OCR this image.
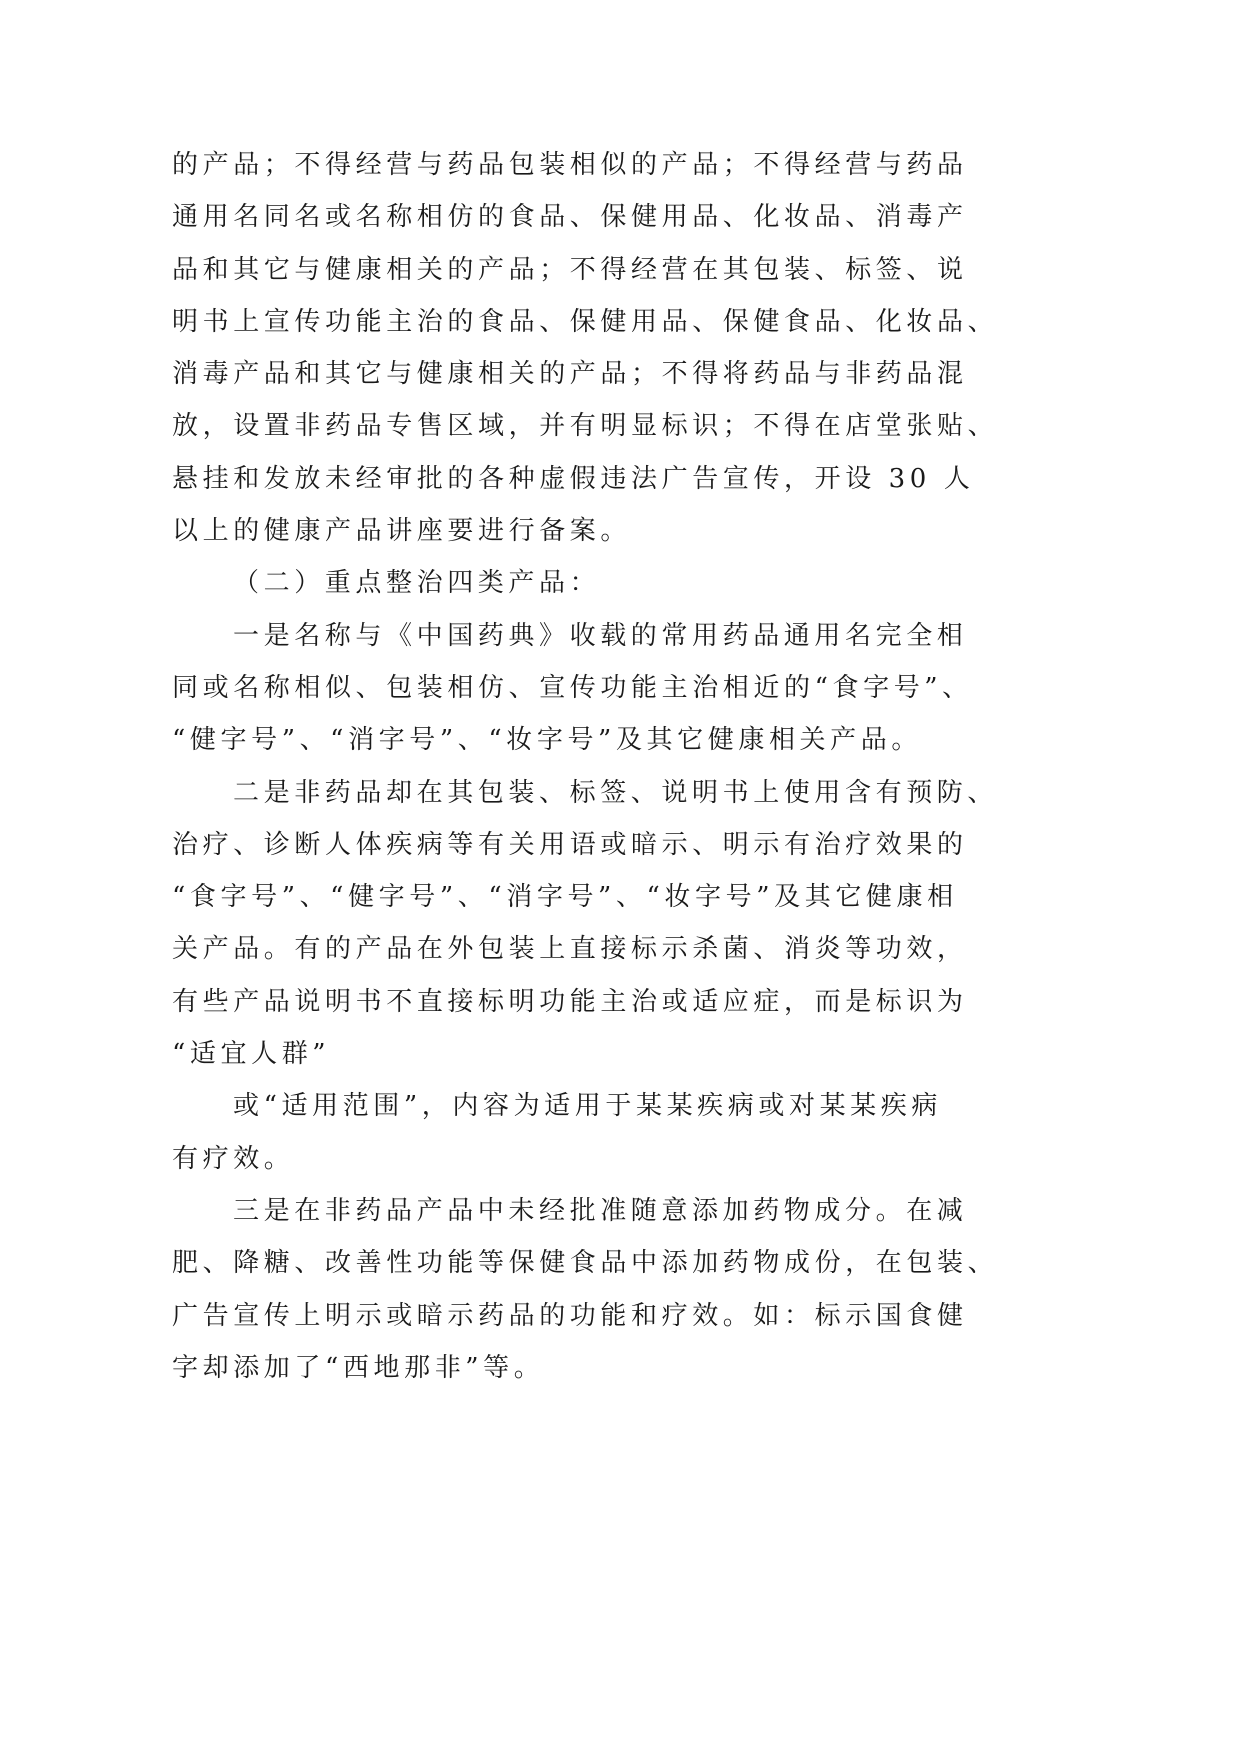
的产品；不得经营与药品包装相似的产品；不得经营与药品
通用名同名或名称相仿的食品、保健用品、化妆品、消毒产
品和其它与健康相关的产品；不得经营在其包装、标签、说
明书上宣传功能主治的食品、保健用品、保健食品、化妆品、
消毒产品和其它与健康相关的产品；不得将药品与非药品混
放，设置非药品专售区域，并有明显标识；不得在店堂张贴、
悬挂和发放未经审批的各种虚假违法广告宣传，开设 30 人
以上的健康产品讲座要进行备案。
（二）重点整治四类产品：
一是名称与《中国药典》收载的常用药品通用名完全相
同或名称相似、包装相仿、宣传功能主治相近的“食字号”、
“健字号”、“消字号”、“妆字号”及其它健康相关产品。
二是非药品却在其包装、标签、说明书上使用含有预防、
治疗、诊断人体疾病等有关用语或暗示、明示有治疗效果的
“食字号”、“健字号”、“消字号”、“妆字号”及其它健康相
关产品。有的产品在外包装上直接标示杀菌、消炎等功效，
有些产品说明书不直接标明功能主治或适应症，而是标识为
“适宜人群”
或“适用范围”，内容为适用于某某疾病或对某某疾病
有疗效。
三是在非药品产品中未经批准随意添加药物成分。在减
肥、降糖、改善性功能等保健食品中添加药物成份，在包装、
广告宣传上明示或暗示药品的功能和疗效。如：标示国食健
字却添加了“西地那非”等。
